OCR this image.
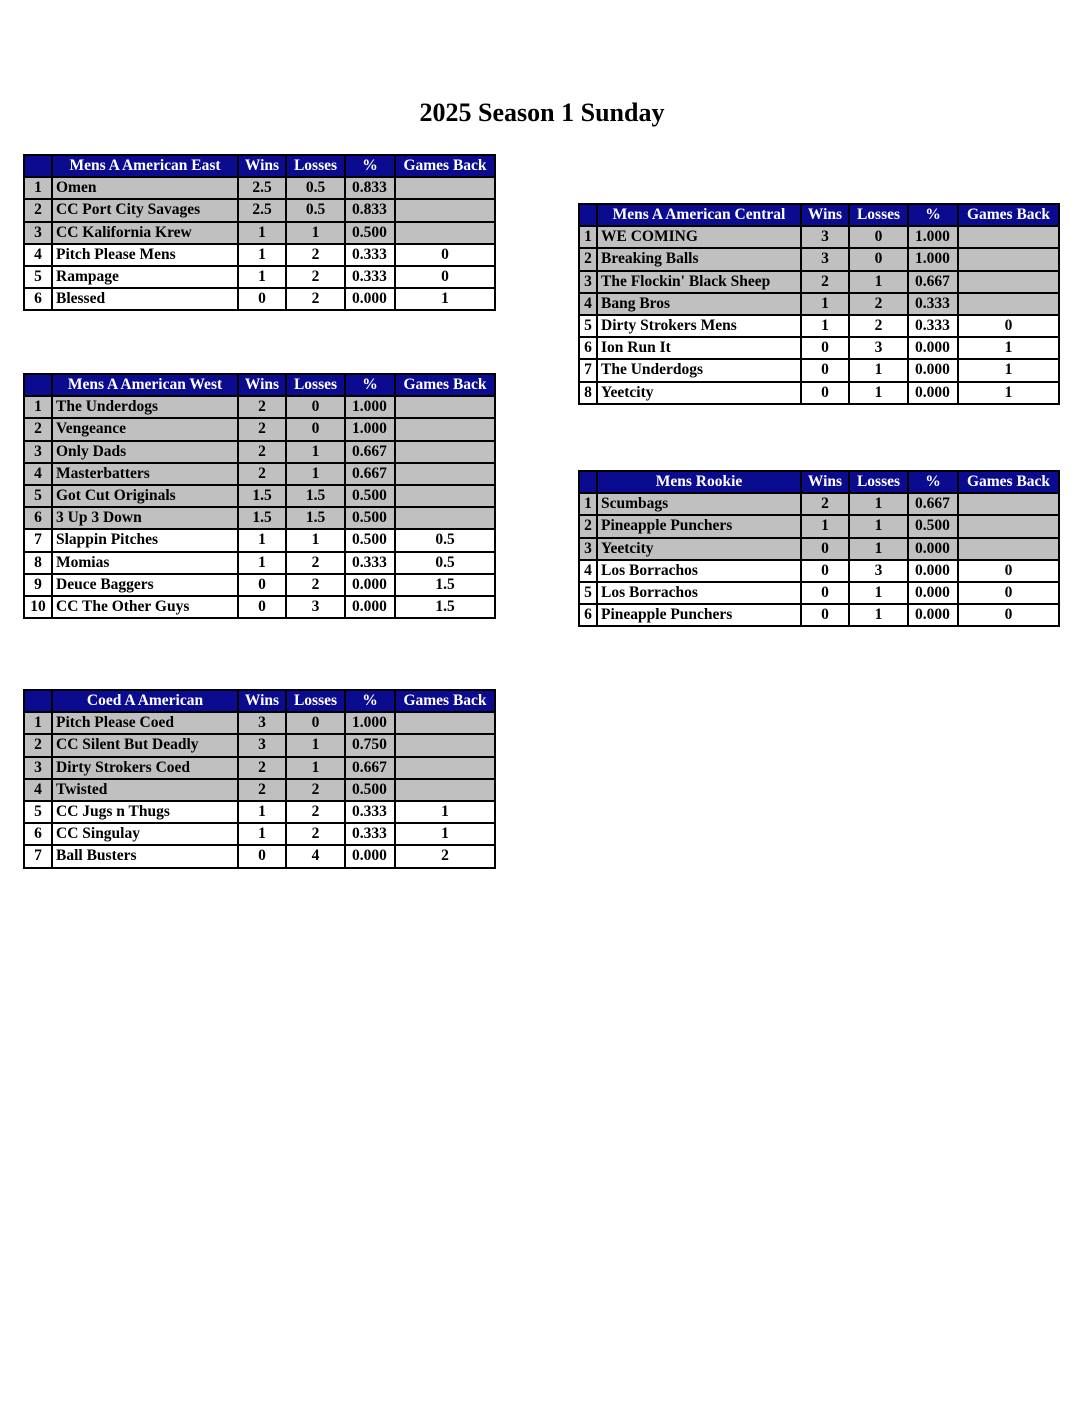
2025 Season 1 Sunday
	Mens A American East	Wins	Losses	%	Games Back
1	Omen	2.5	0.5	0.833	
2	CC Port City Savages	2.5	0.5	0.833	
3	CC Kalifornia Krew	1	1	0.500	
4	Pitch Please Mens	1	2	0.333	0
5	Rampage	1	2	0.333	0
6	Blessed	0	2	0.000	1
	Mens A American West	Wins	Losses	%	Games Back
1	The Underdogs	2	0	1.000	
2	Vengeance	2	0	1.000	
3	Only Dads	2	1	0.667	
4	Masterbatters	2	1	0.667	
5	Got Cut Originals	1.5	1.5	0.500	
6	3 Up 3 Down	1.5	1.5	0.500	
7	Slappin Pitches	1	1	0.500	0.5
8	Momias	1	2	0.333	0.5
9	Deuce Baggers	0	2	0.000	1.5
10	CC The Other Guys	0	3	0.000	1.5
	Coed A American	Wins	Losses	%	Games Back
1	Pitch Please Coed	3	0	1.000	
2	CC Silent But Deadly	3	1	0.750	
3	Dirty Strokers Coed	2	1	0.667	
4	Twisted	2	2	0.500	
5	CC Jugs n Thugs	1	2	0.333	1
6	CC Singulay	1	2	0.333	1
7	Ball Busters	0	4	0.000	2
	Mens A American Central	Wins	Losses	%	Games Back
1	WE COMING	3	0	1.000	
2	Breaking Balls	3	0	1.000	
3	The Flockin' Black Sheep	2	1	0.667	
4	Bang Bros	1	2	0.333	
5	Dirty Strokers Mens	1	2	0.333	0
6	Ion Run It	0	3	0.000	1
7	The Underdogs	0	1	0.000	1
8	Yeetcity	0	1	0.000	1
	Mens Rookie	Wins	Losses	%	Games Back
1	Scumbags	2	1	0.667	
2	Pineapple Punchers	1	1	0.500	
3	Yeetcity	0	1	0.000	
4	Los Borrachos	0	3	0.000	0
5	Los Borrachos	0	1	0.000	0
6	Pineapple Punchers	0	1	0.000	0
